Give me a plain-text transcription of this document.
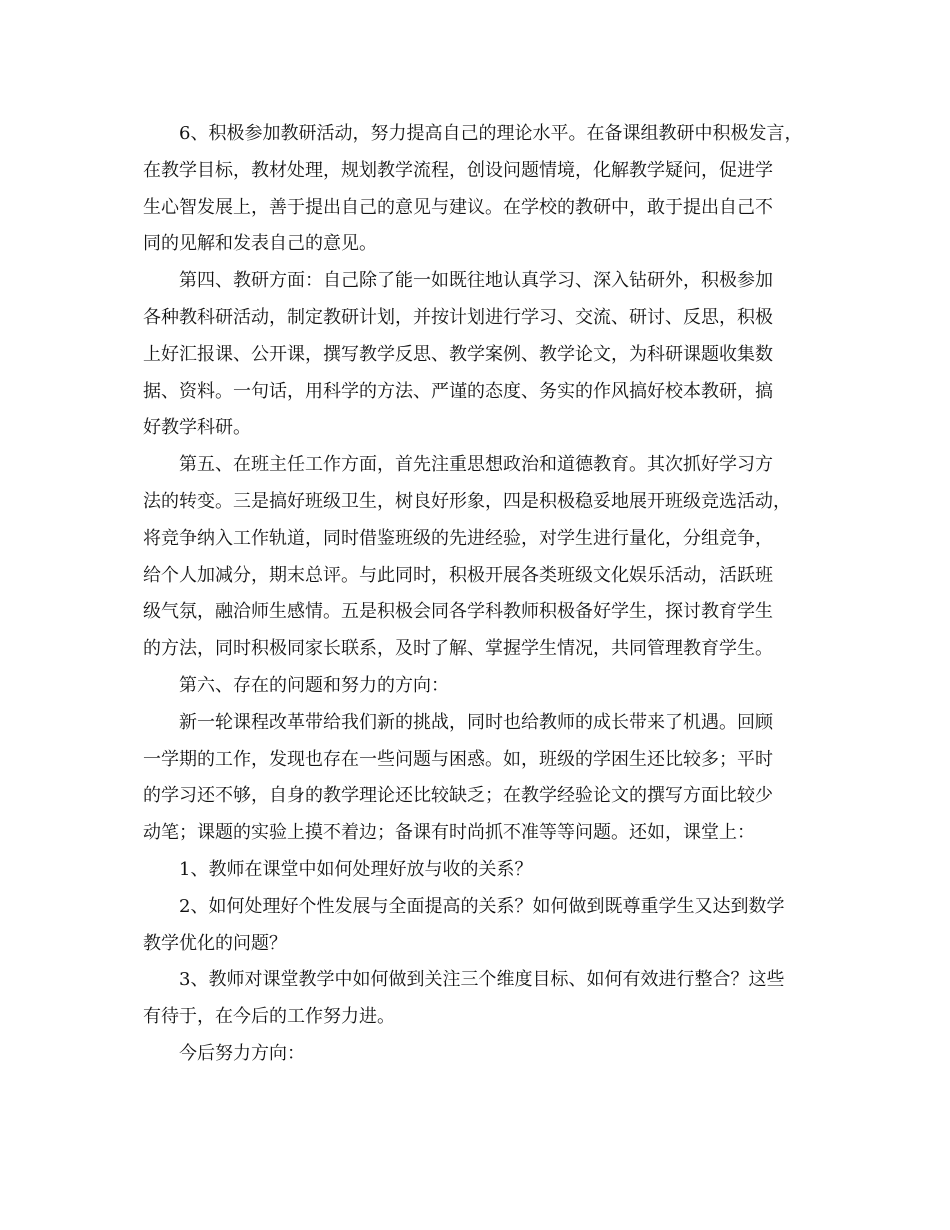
6、积极参加教研活动，努力提高自己的理论水平。在备课组教研中积极发言，
在教学目标，教材处理，规划教学流程，创设问题情境，化解教学疑问，促进学
生心智发展上，善于提出自己的意见与建议。在学校的教研中，敢于提出自己不
同的见解和发表自己的意见。
第四、教研方面：自己除了能一如既往地认真学习、深入钻研外，积极参加
各种教科研活动，制定教研计划，并按计划进行学习、交流、研讨、反思，积极
上好汇报课、公开课，撰写教学反思、教学案例、教学论文，为科研课题收集数
据、资料。一句话，用科学的方法、严谨的态度、务实的作风搞好校本教研，搞
好教学科研。
第五、在班主任工作方面，首先注重思想政治和道德教育。其次抓好学习方
法的转变。三是搞好班级卫生，树良好形象，四是积极稳妥地展开班级竞选活动，
将竞争纳入工作轨道，同时借鉴班级的先进经验，对学生进行量化，分组竞争，
给个人加减分，期末总评。与此同时，积极开展各类班级文化娱乐活动，活跃班
级气氛，融洽师生感情。五是积极会同各学科教师积极备好学生，探讨教育学生
的方法，同时积极同家长联系，及时了解、掌握学生情况，共同管理教育学生。
第六、存在的问题和努力的方向：
新一轮课程改革带给我们新的挑战，同时也给教师的成长带来了机遇。回顾
一学期的工作，发现也存在一些问题与困惑。如，班级的学困生还比较多；平时
的学习还不够，自身的教学理论还比较缺乏；在教学经验论文的撰写方面比较少
动笔；课题的实验上摸不着边；备课有时尚抓不准等等问题。还如，课堂上：
1、教师在课堂中如何处理好放与收的关系？
2、如何处理好个性发展与全面提高的关系？如何做到既尊重学生又达到数学
教学优化的问题？
3、教师对课堂教学中如何做到关注三个维度目标、如何有效进行整合？这些
有待于，在今后的工作努力进。
今后努力方向：
